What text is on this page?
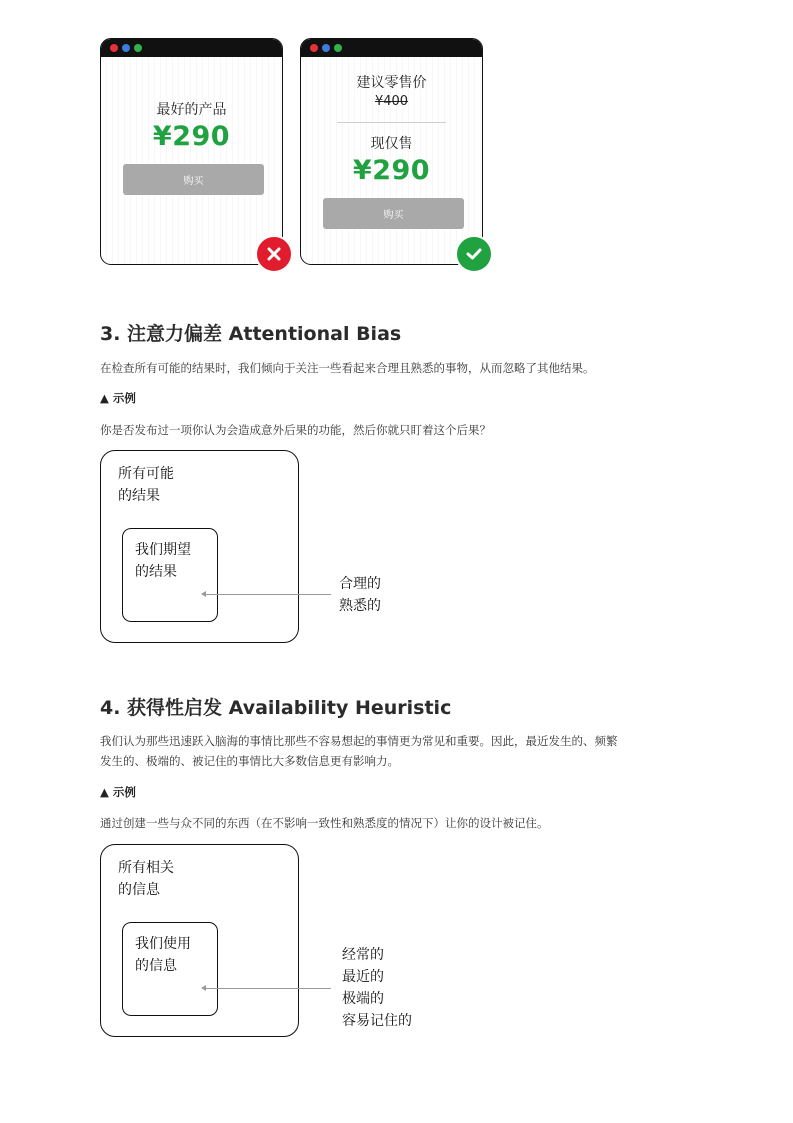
最好的产品
¥290
购买
建议零售价
¥400
现仅售
¥290
购买
3. 注意力偏差 Attentional Bias
在检查所有可能的结果时，我们倾向于关注一些看起来合理且熟悉的事物，从而忽略了其他结果。
▲ 示例
你是否发布过一项你认为会造成意外后果的功能，然后你就只盯着这个后果？
所有可能
的结果
我们期望
的结果
合理的
熟悉的
4. 获得性启发 Availability Heuristic
我们认为那些迅速跃入脑海的事情比那些不容易想起的事情更为常见和重要。因此，最近发生的、频繁
发生的、极端的、被记住的事情比大多数信息更有影响力。
▲ 示例
通过创建一些与众不同的东西（在不影响一致性和熟悉度的情况下）让你的设计被记住。
所有相关
的信息
我们使用
的信息
经常的
最近的
极端的
容易记住的
